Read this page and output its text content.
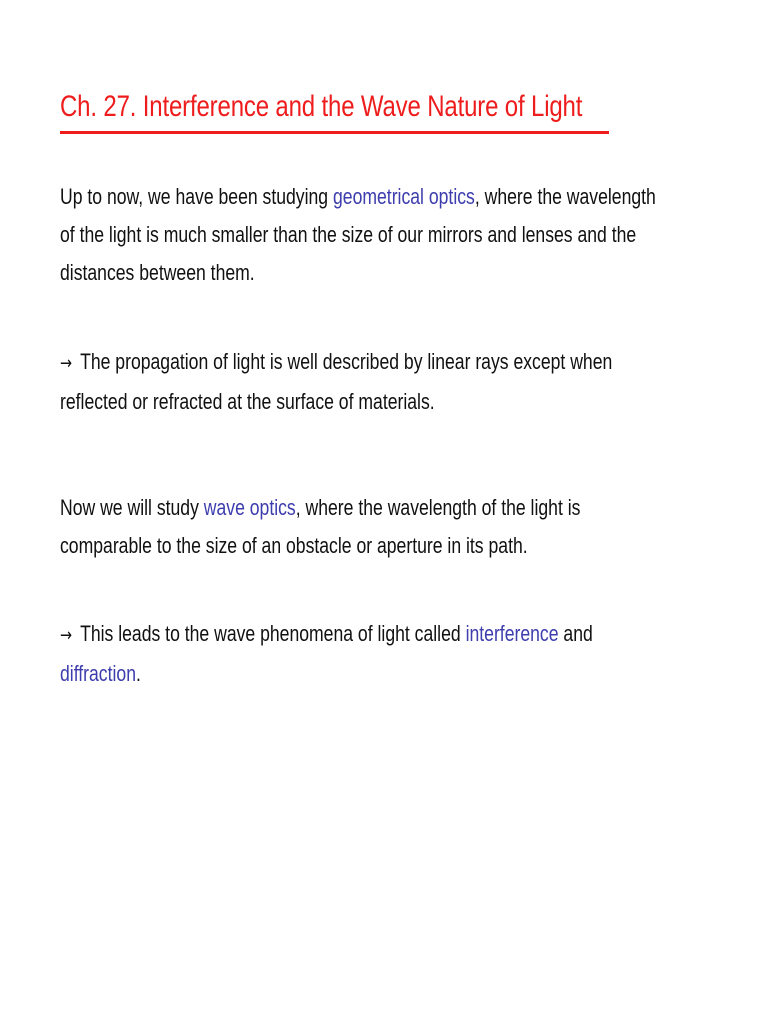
Ch. 27. Interference and the Wave Nature of Light
Up to now, we have been studying geometrical optics, where the wavelength
of the light is much smaller than the size of our mirrors and lenses and the
distances between them.
→ The propagation of light is well described by linear rays except when
reflected or refracted at the surface of materials.
Now we will study wave optics, where the wavelength of the light is
comparable to the size of an obstacle or aperture in its path.
→ This leads to the wave phenomena of light called interference and
diffraction.
